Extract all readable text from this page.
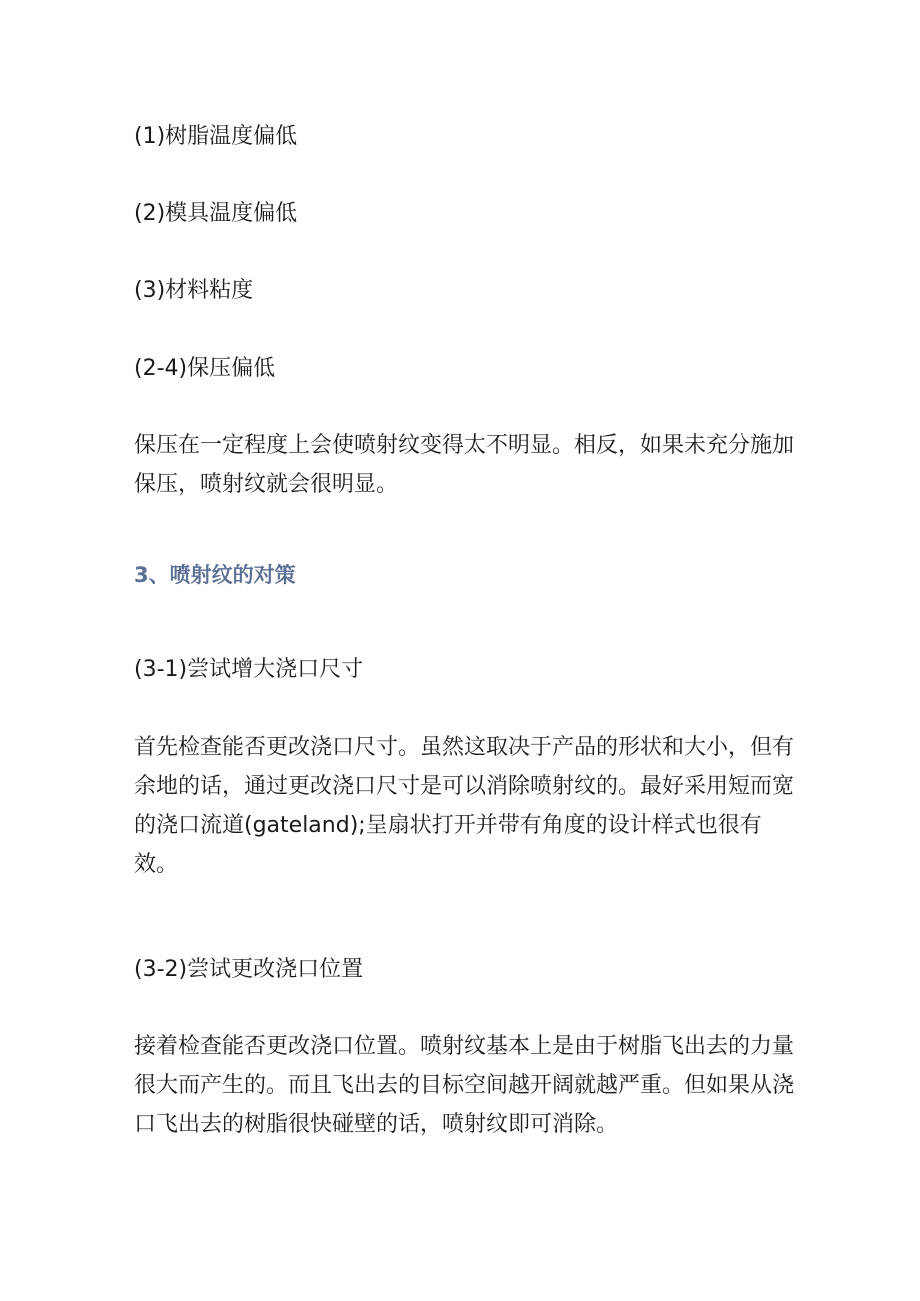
(1)树脂温度偏低

(2)模具温度偏低

(3)材料粘度

(2-4)保压偏低

保压在一定程度上会使喷射纹变得太不明显。相反，如果未充分施加
保压，喷射纹就会很明显。

3、喷射纹的对策

(3-1)尝试增大浇口尺寸

首先检查能否更改浇口尺寸。虽然这取决于产品的形状和大小，但有
余地的话，通过更改浇口尺寸是可以消除喷射纹的。最好采用短而宽
的浇口流道(gateland);呈扇状打开并带有角度的设计样式也很有
效。

(3-2)尝试更改浇口位置

接着检查能否更改浇口位置。喷射纹基本上是由于树脂飞出去的力量
很大而产生的。而且飞出去的目标空间越开阔就越严重。但如果从浇
口飞出去的树脂很快碰壁的话，喷射纹即可消除。
